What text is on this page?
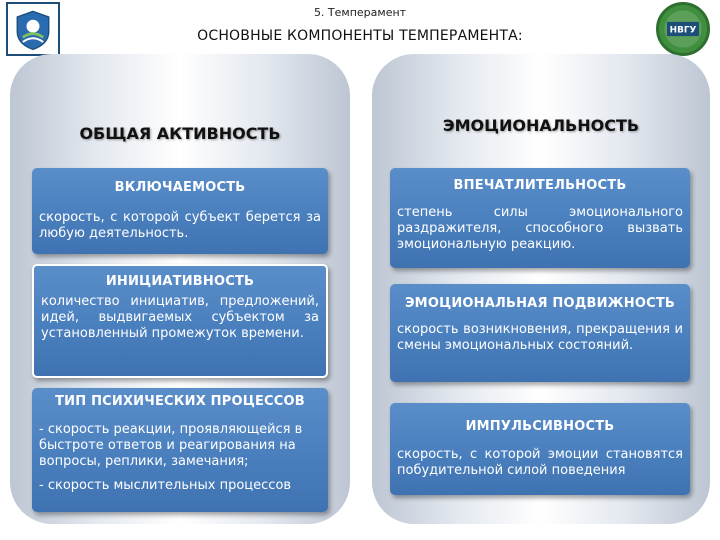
5. Темперамент
ОСНОВНЫЕ КОМПОНЕНТЫ ТЕМПЕРАМЕНТА:	НВГУ
ОБЩАЯ АКТИВНОСТЬ	ЭМОЦИОНАЛЬНОСТЬ
ВКЛЮЧАЕМОСТЬ
скорость, с которой субъект берется за любую деятельность.
ИНИЦИАТИВНОСТЬ
количество инициатив, предложений, идей, выдвигаемых субъектом за установленный промежуток времени.
ТИП ПСИХИЧЕСКИХ ПРОЦЕССОВ
- скорость реакции, проявляющейся в быстроте ответов и реагирования на вопросы, реплики, замечания;
- скорость мыслительных процессов
ВПЕЧАТЛИТЕЛЬНОСТЬ
степень силы эмоционального раздражителя, способного вызвать эмоциональную реакцию.
ЭМОЦИОНАЛЬНАЯ ПОДВИЖНОСТЬ
скорость возникновения, прекращения и смены эмоциональных состояний.
ИМПУЛЬСИВНОСТЬ
скорость, с которой эмоции становятся побудительной силой поведения
